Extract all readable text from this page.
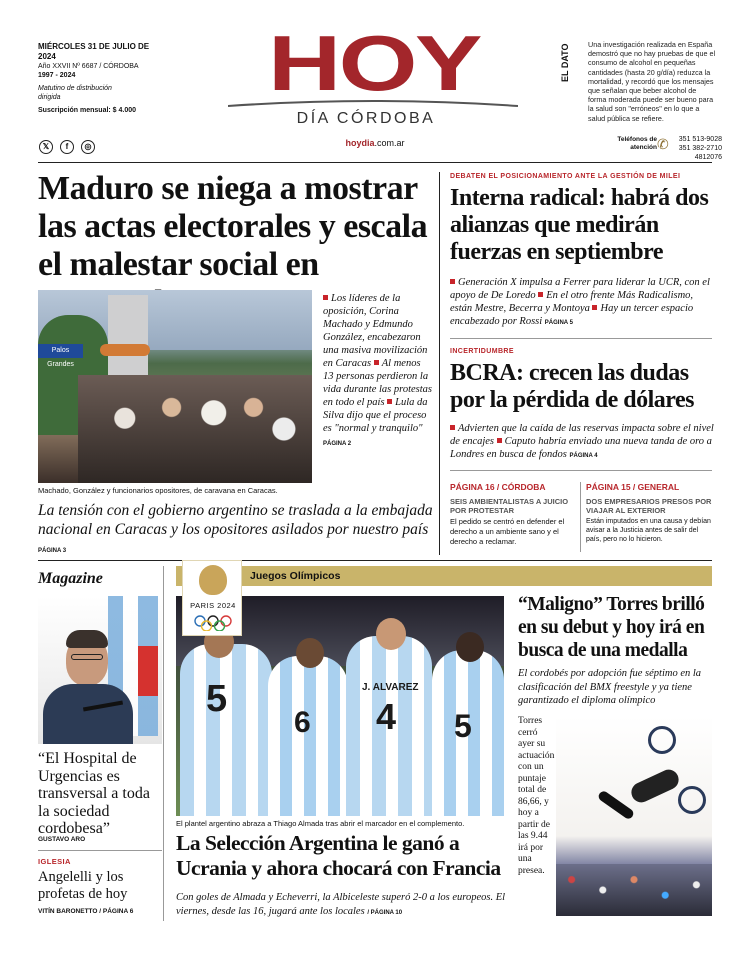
MIÉRCOLES 31 DE JULIO DE 2024
Año XXVII Nº 6687 / CÓRDOBA
1997 - 2024
Matutino de distribución dirigida
Suscripción mensual: $ 4.000
𝕏	f	◎
HOY
DÍA CÓRDOBA
hoydia.com.ar
EL DATO	Una investigación realizada en España demostró que no hay pruebas de que el consumo de alcohol en pequeñas cantidades (hasta 20 g/día) reduzca la mortalidad, y recordó que los mensajes que señalan que beber alcohol de forma moderada puede ser bueno para la salud son "erróneos" en lo que a salud pública se refiere.
Teléfonos de atención ✆	351 513-9028
351 382-2710
4812076
Maduro se niega a mostrar las actas electorales y escala el malestar social en
Palos Grandes
Machado, González y funcionarios opositores, de caravana en Caracas.
Los líderes de la oposición, Corina Machado y Edmundo González, encabezaron una masiva movilización en Caracas Al menos 13 personas perdieron la vida durante las protestas en todo el país Lula da Silva dijo que el proceso es "normal y tranquilo"
PÁGINA 2
La tensión con el gobierno argentino se traslada a la embajada nacional en Caracas y los opositores asilados por nuestro país
PÁGINA 3
DEBATEN EL POSICIONAMIENTO ANTE LA GESTIÓN DE MILEI
Interna radical: habrá dos alianzas que medirán fuerzas en septiembre
Generación X impulsa a Ferrer para liderar la UCR, con el apoyo de De Loredo En el otro frente Más Radicalismo, están Mestre, Becerra y Montoya Hay un tercer espacio encabezado por Rossi PÁGINA 5
INCERTIDUMBRE
BCRA: crecen las dudas por la pérdida de dólares
Advierten que la caída de las reservas impacta sobre el nivel de encajes Caputo habría enviado una nueva tanda de oro a Londres en busca de fondos PÁGINA 4
PÁGINA 16 / CÓRDOBA
SEIS AMBIENTALISTAS A JUICIO POR PROTESTAR
El pedido se centró en defender el derecho a un ambiente sano y el derecho a reclamar.
PÁGINA 15 / GENERAL
DOS EMPRESARIOS PRESOS POR VIAJAR AL EXTERIOR
Están imputados en una causa y debían avisar a la Justicia antes de salir del país, pero no lo hicieron.
Magazine
“El Hospital de Urgencias es transversal a toda la sociedad cordobesa”
GUSTAVO ARO
IGLESIA
Angelelli y los profetas de hoy
VITÍN BARONETTO / PÁGINA 6
Juegos Olímpicos
5
6
J. ALVAREZ
4 5
PARIS 2024
El plantel argentino abraza a Thiago Almada tras abrir el marcador en el complemento.
La Selección Argentina le ganó a Ucrania y ahora chocará con Francia
Con goles de Almada y Echeverri, la Albiceleste superó 2-0 a los europeos. El viernes, desde las 16, jugará ante los locales / PÁGINA 10
“Maligno” Torres brilló en su debut y hoy irá en busca de una medalla
El cordobés por adopción fue séptimo en la clasificación del BMX freestyle y ya tiene garantizado el diploma olímpico
Torres cerró ayer su actuación con un puntaje total de 86,66, y hoy a partir de las 9.44 irá por una presea.
